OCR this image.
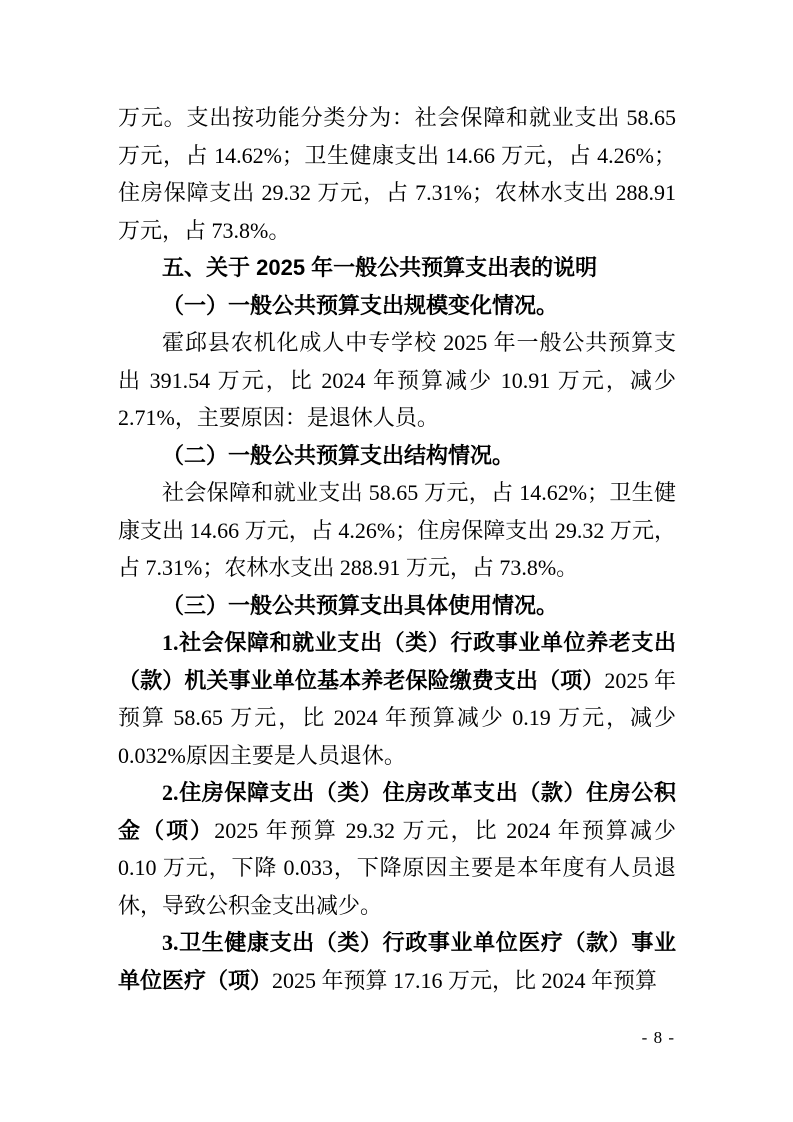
万元。支出按功能分类分为：社会保障和就业支出 58.65 万元，占 14.62%；卫生健康支出 14.66 万元，占 4.26%；住房保障支出 29.32 万元，占 7.31%；农林水支出 288.91 万元，占 73.8%。

五、关于 2025 年一般公共预算支出表的说明

（一）一般公共预算支出规模变化情况。

霍邱县农机化成人中专学校 2025 年一般公共预算支出 391.54 万元，比 2024 年预算减少 10.91 万元，减少 2.71%，主要原因：是退休人员。

（二）一般公共预算支出结构情况。

社会保障和就业支出 58.65 万元，占 14.62%；卫生健康支出 14.66 万元，占 4.26%；住房保障支出 29.32 万元，占 7.31%；农林水支出 288.91 万元，占 73.8%。

（三）一般公共预算支出具体使用情况。

1.社会保障和就业支出（类）行政事业单位养老支出（款）机关事业单位基本养老保险缴费支出（项）2025 年预算 58.65 万元，比 2024 年预算减少 0.19 万元，减少 0.032%原因主要是人员退休。

2.住房保障支出（类）住房改革支出（款）住房公积金（项）2025 年预算 29.32 万元，比 2024 年预算减少 0.10 万元，下降 0.033，下降原因主要是本年度有人员退休，导致公积金支出减少。

3.卫生健康支出（类）行政事业单位医疗（款）事业单位医疗（项）2025 年预算 17.16 万元，比 2024 年预算

- 8 -
